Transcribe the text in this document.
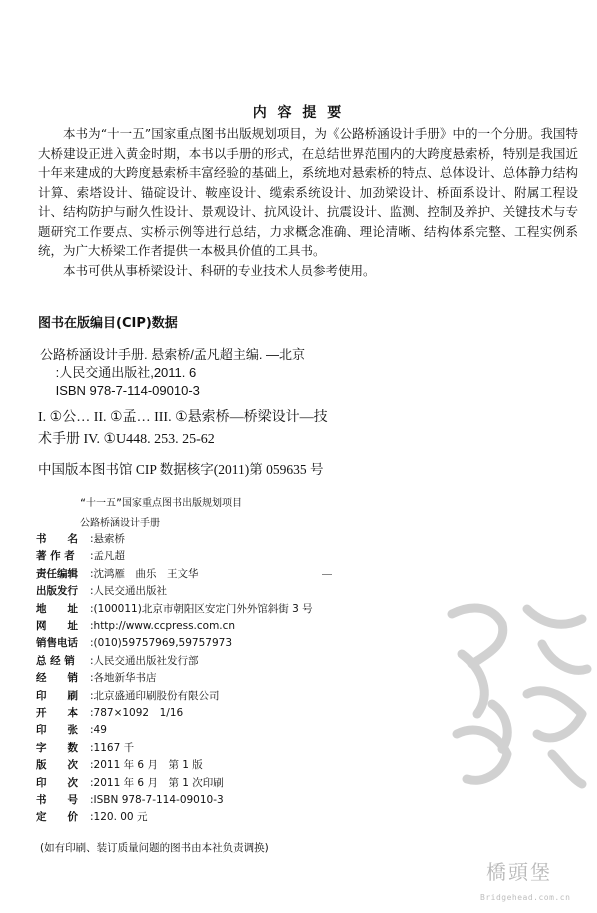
内 容 提 要

本书为“十一五”国家重点图书出版规划项目，为《公路桥涵设计手册》中的一个分册。我国特大桥建设正进入黄金时期，本书以手册的形式，在总结世界范围内的大跨度悬索桥，特别是我国近十年来建成的大跨度悬索桥丰富经验的基础上，系统地对悬索桥的特点、总体设计、总体静力结构计算、索塔设计、锚碇设计、鞍座设计、缆索系统设计、加劲梁设计、桥面系设计、附属工程设计、结构防护与耐久性设计、景观设计、抗风设计、抗震设计、监测、控制及养护、关键技术与专题研究工作要点、实桥示例等进行总结，力求概念准确、理论清晰、结构体系完整、工程实例系统，为广大桥梁工作者提供一本极具价值的工具书。

本书可供从事桥梁设计、科研的专业技术人员参考使用。

图书在版编目(CIP)数据
公路桥涵设计手册. 悬索桥/孟凡超主编. —北京
:人民交通出版社,2011. 6
ISBN 978-7-114-09010-3
I. ①公… II. ①孟… III. ①悬索桥—桥梁设计—技
术手册 IV. ①U448. 253. 25-62
中国版本图书馆 CIP 数据核字(2011)第 059635 号
“十一五”国家重点图书出版规划项目
公路桥涵设计手册
书　　名 :悬索桥
著 作 者 :孟凡超
责任编辑 :沈鸿雁　曲乐　王文华
出版发行 :人民交通出版社
地　　址 :(100011)北京市朝阳区安定门外外馆斜街 3 号
网　　址 :http://www.ccpress.com.cn
销售电话 :(010)59757969,59757973
总 经 销 :人民交通出版社发行部
经　　销 :各地新华书店
印　　刷 :北京盛通印刷股份有限公司
开　　本 :787×1092　1/16
印　　张 :49
字　　数 :1167 千
版　　次 :2011 年 6 月　第 1 版
印　　次 :2011 年 6 月　第 1 次印刷
书　　号 :ISBN 978-7-114-09010-3
定　　价 :120. 00 元
(如有印刷、装订质量问题的图书由本社负责调换)
橋頭堡
Bridgehead.com.cn
